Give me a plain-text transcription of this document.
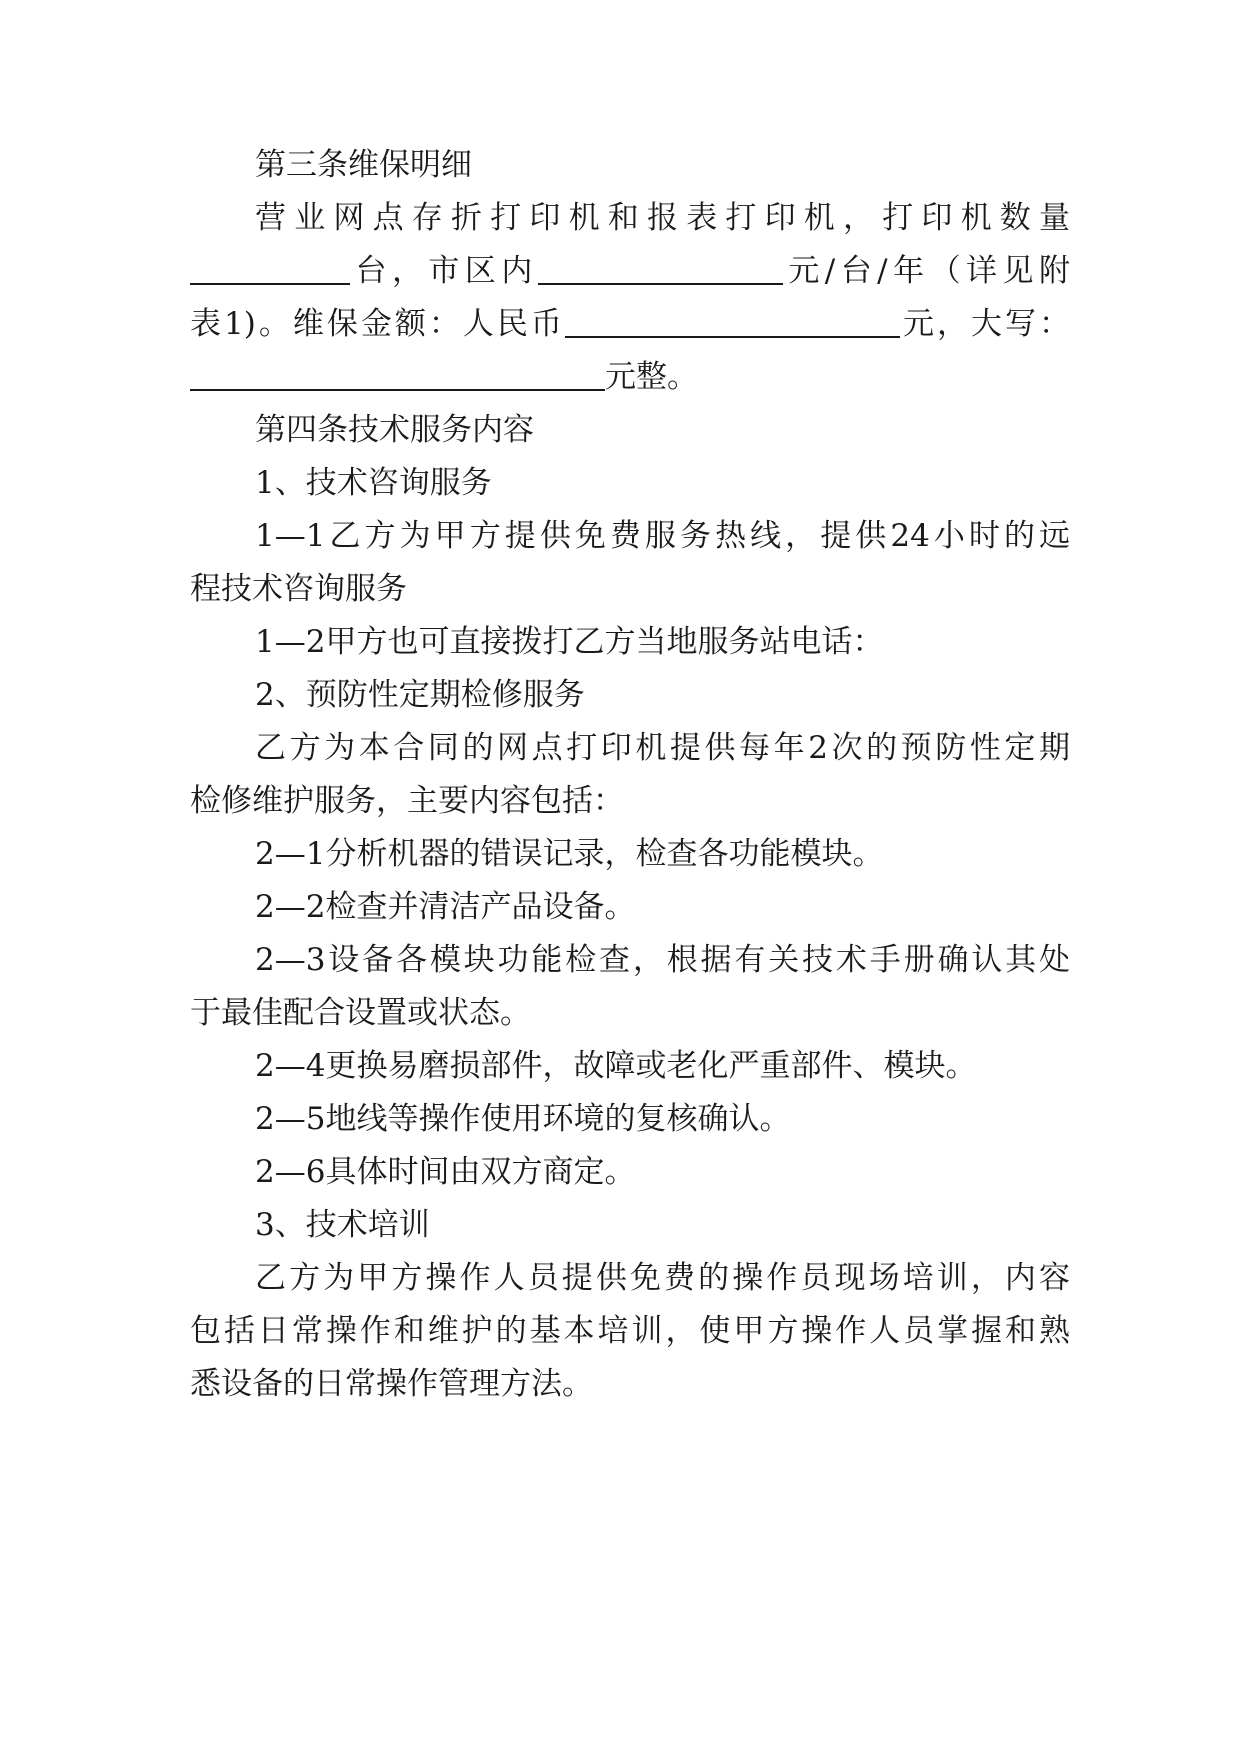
第三条维保明细
营业网点存折打印机和报表打印机，打印机数量
台，市区内	元/台/年（详见附
表1)。维保金额：人民币	元，大写：
元整。
第四条技术服务内容
1、技术咨询服务
1—1乙方为甲方提供免费服务热线，提供24小时的远
程技术咨询服务
1—2甲方也可直接拨打乙方当地服务站电话：
2、预防性定期检修服务
乙方为本合同的网点打印机提供每年2次的预防性定期
检修维护服务，主要内容包括：
2—1分析机器的错误记录，检查各功能模块。
2—2检查并清洁产品设备。
2—3设备各模块功能检查，根据有关技术手册确认其处
于最佳配合设置或状态。
2—4更换易磨损部件，故障或老化严重部件、模块。
2—5地线等操作使用环境的复核确认。
2—6具体时间由双方商定。
3、技术培训
乙方为甲方操作人员提供免费的操作员现场培训，内容
包括日常操作和维护的基本培训，使甲方操作人员掌握和熟
悉设备的日常操作管理方法。
